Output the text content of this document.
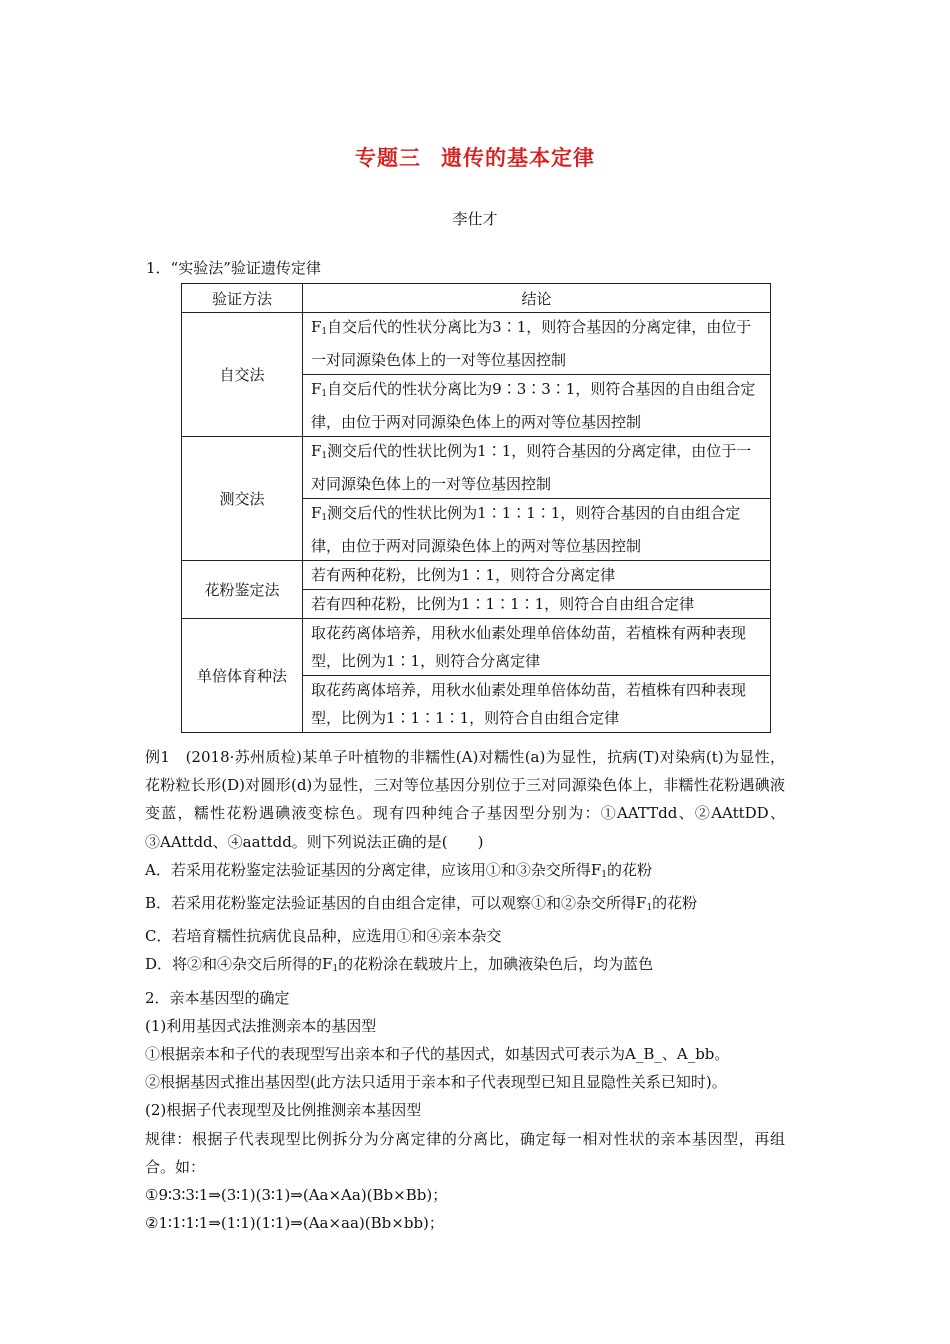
专题三 遗传的基本定律
李仕才
1．“实验法”验证遗传定律
验证方法	结论
自交法	$F_1$自交后代的性状分离比为3∶1，则符合基因的分离定律，由位于一对同源染色体上的一对等位基因控制
	$F_1$自交后代的性状分离比为9∶3∶3∶1，则符合基因的自由组合定律，由位于两对同源染色体上的两对等位基因控制
测交法	$F_1$测交后代的性状比例为1∶1，则符合基因的分离定律，由位于一对同源染色体上的一对等位基因控制
	$F_1$测交后代的性状比例为1∶1∶1∶1，则符合基因的自由组合定律，由位于两对同源染色体上的两对等位基因控制
花粉鉴定法	若有两种花粉，比例为1∶1，则符合分离定律
	若有四种花粉，比例为1∶1∶1∶1，则符合自由组合定律
单倍体育种法	取花药离体培养，用秋水仙素处理单倍体幼苗，若植株有两种表现型，比例为1∶1，则符合分离定律
	取花药离体培养，用秋水仙素处理单倍体幼苗，若植株有四种表现型，比例为1∶1∶1∶1，则符合自由组合定律

例1　(2018·苏州质检)某单子叶植物的非糯性(A)对糯性(a)为显性，抗病(T)对染病(t)为显性，花粉粒长形(D)对圆形(d)为显性，三对等位基因分别位于三对同源染色体上，非糯性花粉遇碘液变蓝，糯性花粉遇碘液变棕色。现有四种纯合子基因型分别为：①AATTdd、②AAttDD、③AAttdd、④aattdd。则下列说法正确的是(　　)

A．若采用花粉鉴定法验证基因的分离定律，应该用①和③杂交所得$F_1$的花粉

B．若采用花粉鉴定法验证基因的自由组合定律，可以观察①和②杂交所得$F_1$的花粉

C．若培育糯性抗病优良品种，应选用①和④亲本杂交

D．将②和④杂交后所得的$F_1$的花粉涂在载玻片上，加碘液染色后，均为蓝色

2．亲本基因型的确定

(1)利用基因式法推测亲本的基因型

①根据亲本和子代的表现型写出亲本和子代的基因式，如基因式可表示为A_B_、A_bb。

②根据基因式推出基因型(此方法只适用于亲本和子代表现型已知且显隐性关系已知时)。

(2)根据子代表现型及比例推测亲本基因型

规律：根据子代表现型比例拆分为分离定律的分离比，确定每一相对性状的亲本基因型，再组合。如：

①9∶3∶3∶1⇒(3∶1)(3∶1)⇒(Aa×Aa)(Bb×Bb)；

②1∶1∶1∶1⇒(1∶1)(1∶1)⇒(Aa×aa)(Bb×bb)；
